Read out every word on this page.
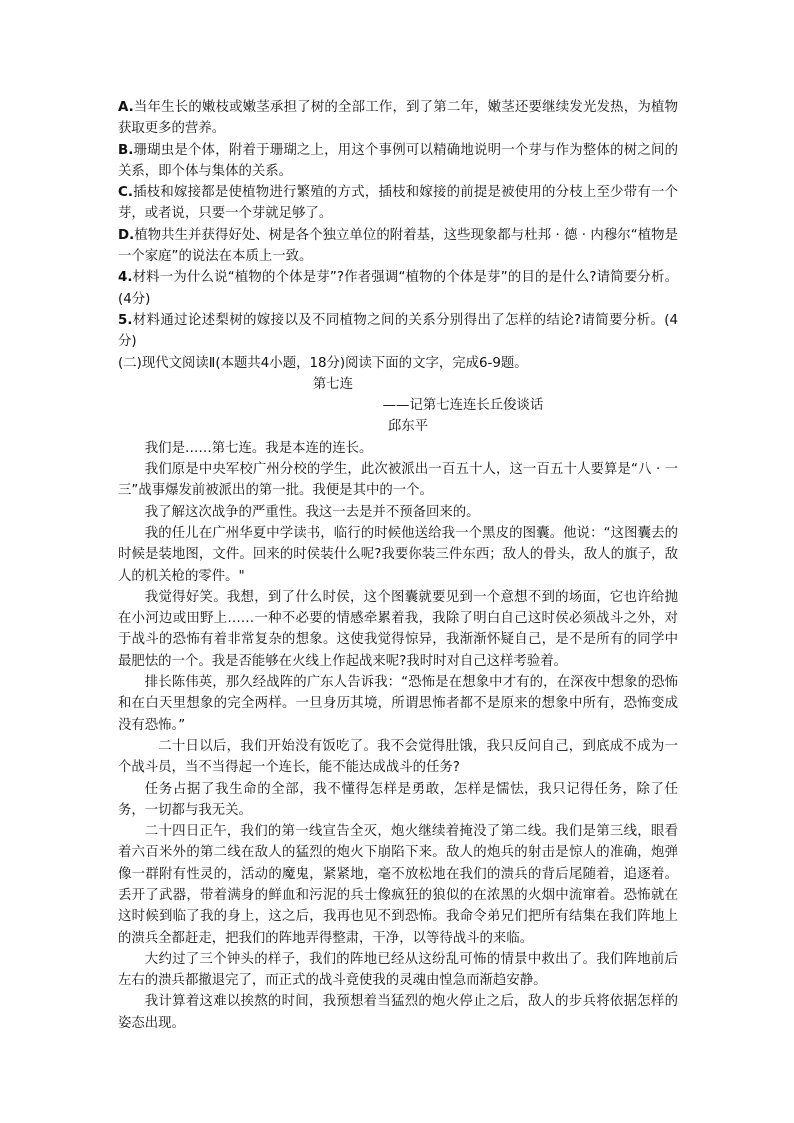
A.当年生长的嫩枝或嫩茎承担了树的全部工作，到了第二年，嫩茎还要继续发光发热，为植物获取更多的营养。

B.珊瑚虫是个体，附着于珊瑚之上，用这个事例可以精确地说明一个芽与作为整体的树之间的关系，即个体与集体的关系。

C.插枝和嫁接都是使植物进行繁殖的方式，插枝和嫁接的前提是被使用的分枝上至少带有一个芽，或者说，只要一个芽就足够了。

D.植物共生并获得好处、树是各个独立单位的附着基，这些现象都与杜邦 · 德 · 内穆尔“植物是一个家庭”的说法在本质上一致。

4.材料一为什么说“植物的个体是芽”?作者强调“植物的个体是芽”的目的是什么?请简要分析。(4分)

5.材料通过论述梨树的嫁接以及不同植物之间的关系分别得出了怎样的结论?请简要分析。(4分)

(二)现代文阅读Ⅱ(本题共4小题，18分)阅读下面的文字，完成6-9题。

第七连

——记第七连连长丘俊谈话

邱东平

我们是……第七连。我是本连的连长。

我们原是中央军校广州分校的学生，此次被派出一百五十人，这一百五十人要算是“八 · 一三”战事爆发前被派出的第一批。我便是其中的一个。

我了解这次战争的严重性。我这一去是并不预备回来的。

我的任儿在广州华夏中学读书，临行的时候他送给我一个黑皮的图囊。他说：“这图囊去的时候是装地图，文件。回来的时侯装什么呢?我要你装三件东西；敌人的骨头，敌人的旗子，敌人的机关枪的零件。"

我觉得好笑。我想，到了什么时侯，这个图囊就要见到一个意想不到的场面，它也许给抛在小河边或田野上……一种不必要的情感牵累着我，我除了明白自己这时侯必须战斗之外，对于战斗的恐怖有着非常复杂的想象。这使我觉得惊异，我渐渐怀疑自己，是不是所有的同学中最肥怯的一个。我是否能够在火线上作起战来呢?我时时对自己这样考验着。

排长陈伟英，那久经战阵的广东人告诉我：“恐怖是在想象中才有的，在深夜中想象的恐怖和在白天里想象的完全两样。一旦身历其境，所谓思怖者都不是原来的想象中所有，恐怖变成没有恐怖。”

二十日以后，我们开始没有饭吃了。我不会觉得肚饿，我只反问自己，到底成不成为一个战斗员，当不当得起一个连长，能不能达成战斗的任务?

任务占据了我生命的全部，我不懂得怎样是勇敢，怎样是懦怯，我只记得任务，除了任务，一切都与我无关。

二十四日正午，我们的第一线宣告全灭，炮火继续着掩没了第二线。我们是第三线，眼看着六百米外的第二线在敌人的猛烈的炮火下崩陷下来。敌人的炮兵的射击是惊人的准确，炮弹像一群附有性灵的，活动的魔鬼，紧紧地，毫不放松地在我们的溃兵的背后尾随着，追逐着。丢开了武器，带着满身的鲜血和污泥的兵士像疯狂的狼似的在浓黑的火烟中流窜着。恐怖就在这时候到临了我的身上，这之后，我再也见不到恐怖。我命令弟兄们把所有结集在我们阵地上的溃兵全都赶走，把我们的阵地弄得整肃，干净，以等待战斗的来临。

大约过了三个钟头的样子，我们的阵地已经从这纷乱可怖的情景中救出了。我们阵地前后左右的溃兵都撤退完了，而正式的战斗竟使我的灵魂由惶急而渐趋安静。

我计算着这难以挨熬的时间，我预想着当猛烈的炮火停止之后，敌人的步兵将依据怎样的姿态出现。
